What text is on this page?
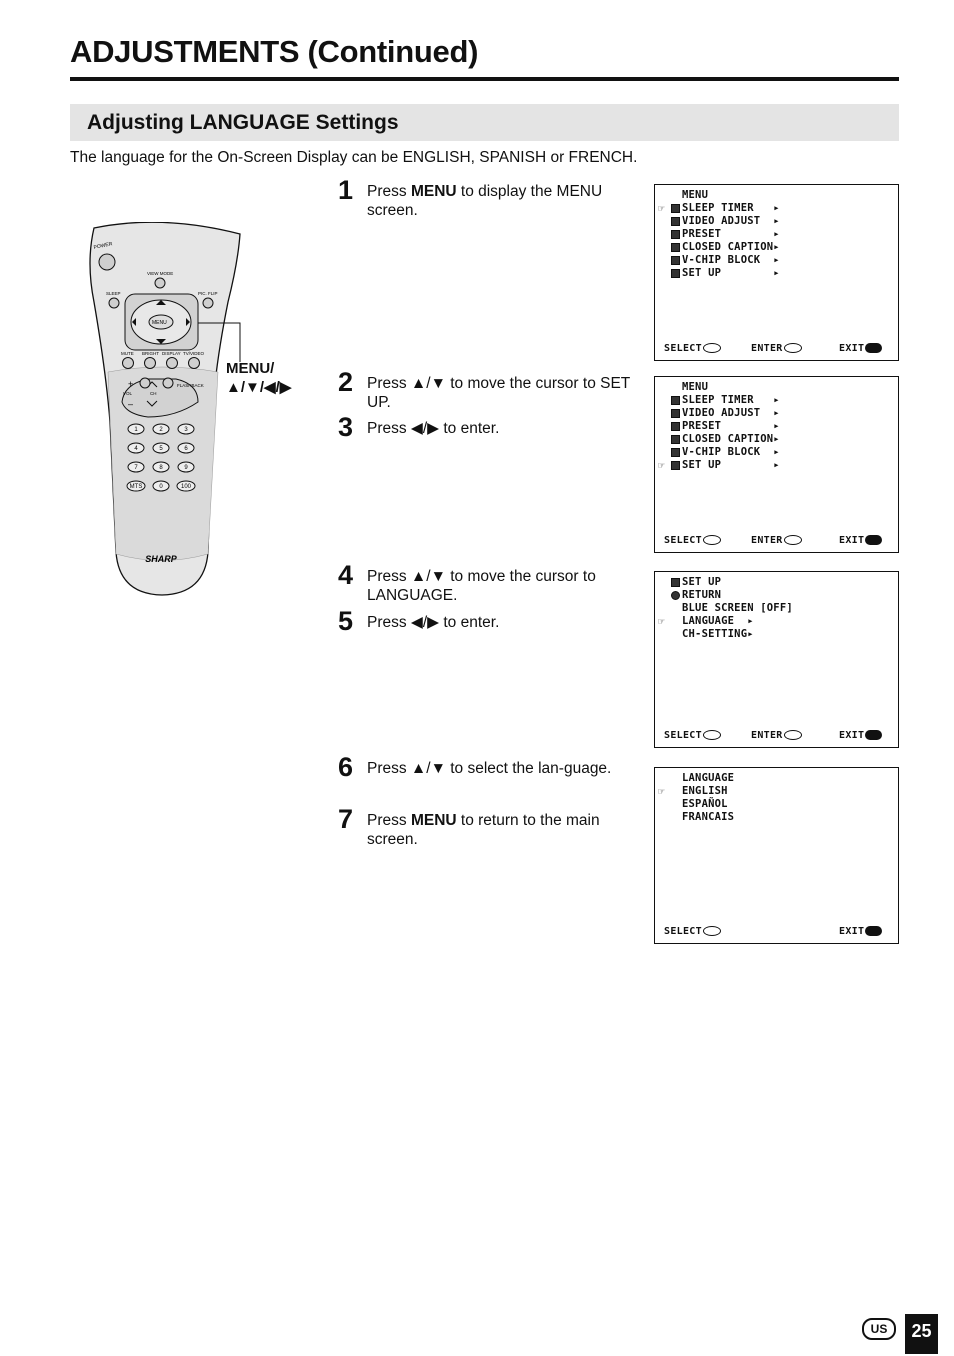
ADJUSTMENTS (Continued)
Adjusting LANGUAGE Settings
The language for the On-Screen Display can be ENGLISH, SPANISH or FRENCH.
POWER
VIEW MODE
SLEEP	PIC. FLIP
MENU
MUTE BRIGHT DISPLAY TV/VIDEO
+
–
VOL	CH
FLASHBACK
1	2	3
4	5	6
7	8	9
MTS	0	100
SHARP
MENU/
▲/▼/◀/▶
1 Press MENU to display the MENU screen.
2 Press ▲/▼ to move the cursor to SET UP.
3 Press ◀/▶ to enter.
4 Press ▲/▼ to move the cursor to LANGUAGE.
5 Press ◀/▶ to enter.
6 Press ▲/▼ to select the lan-guage.
7 Press MENU to return to the main screen.
MENU
☞ SLEEP TIMER   ▸
VIDEO ADJUST  ▸
PRESET        ▸
CLOSED CAPTION▸
V-CHIP BLOCK  ▸
SET UP        ▸
SELECT	ENTER	EXIT
MENU
SLEEP TIMER   ▸
VIDEO ADJUST  ▸
PRESET        ▸
CLOSED CAPTION▸
V-CHIP BLOCK  ▸
☞ SET UP        ▸
SELECT	ENTER	EXIT
SET UP
RETURN
BLUE SCREEN [OFF]
☞ LANGUAGE  ▸
CH-SETTING▸
SELECT	ENTER	EXIT
LANGUAGE
☞ ENGLISH
ESPAÑOL
FRANCAIS
SELECT	EXIT
US	25
